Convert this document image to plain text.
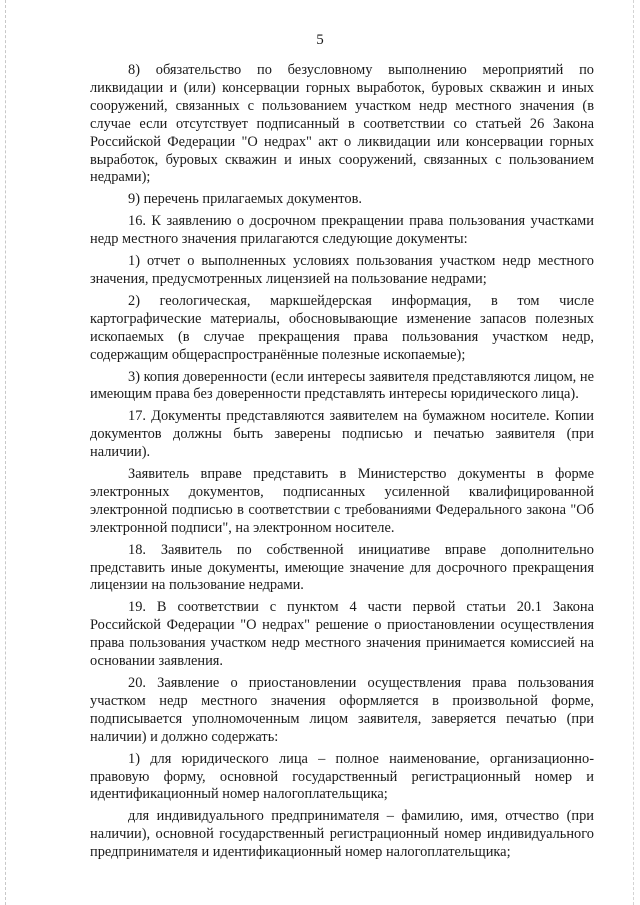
5

8) обязательство по безусловному выполнению мероприятий по ликвидации и (или) консервации горных выработок, буровых скважин и иных сооружений, связанных с пользованием участком недр местного значения (в случае если отсутствует подписанный в соответствии со статьей 26 Закона Российской Федерации "О недрах" акт о ликвидации или консервации горных выработок, буровых скважин и иных сооружений, связанных с пользованием недрами);

9) перечень прилагаемых документов.

16. К заявлению о досрочном прекращении права пользования участками недр местного значения прилагаются следующие документы:

1) отчет о выполненных условиях пользования участком недр местного значения, предусмотренных лицензией на пользование недрами;

2) геологическая, маркшейдерская информация, в том числе картографические материалы, обосновывающие изменение запасов полезных ископаемых (в случае прекращения права пользования участком недр, содержащим общераспространённые полезные ископаемые);

3) копия доверенности (если интересы заявителя представляются лицом, не имеющим права без доверенности представлять интересы юридического лица).

17. Документы представляются заявителем на бумажном носителе. Копии документов должны быть заверены подписью и печатью заявителя (при наличии).

Заявитель вправе представить в Министерство документы в форме электронных документов, подписанных усиленной квалифицированной электронной подписью в соответствии с требованиями Федерального закона "Об электронной подписи", на электронном носителе.

18. Заявитель по собственной инициативе вправе дополнительно представить иные документы, имеющие значение для досрочного прекращения лицензии на пользование недрами.

19. В соответствии с пунктом 4 части первой статьи 20.1 Закона Российской Федерации "О недрах" решение о приостановлении осуществления права пользования участком недр местного значения принимается комиссией на основании заявления.

20. Заявление о приостановлении осуществления права пользования участком недр местного значения оформляется в произвольной форме, подписывается уполномоченным лицом заявителя, заверяется печатью (при наличии) и должно содержать:

1) для юридического лица – полное наименование, организационно-правовую форму, основной государственный регистрационный номер и идентификационный номер налогоплательщика;

для индивидуального предпринимателя – фамилию, имя, отчество (при наличии), основной государственный регистрационный номер индивидуального предпринимателя и идентификационный номер налогоплательщика;
